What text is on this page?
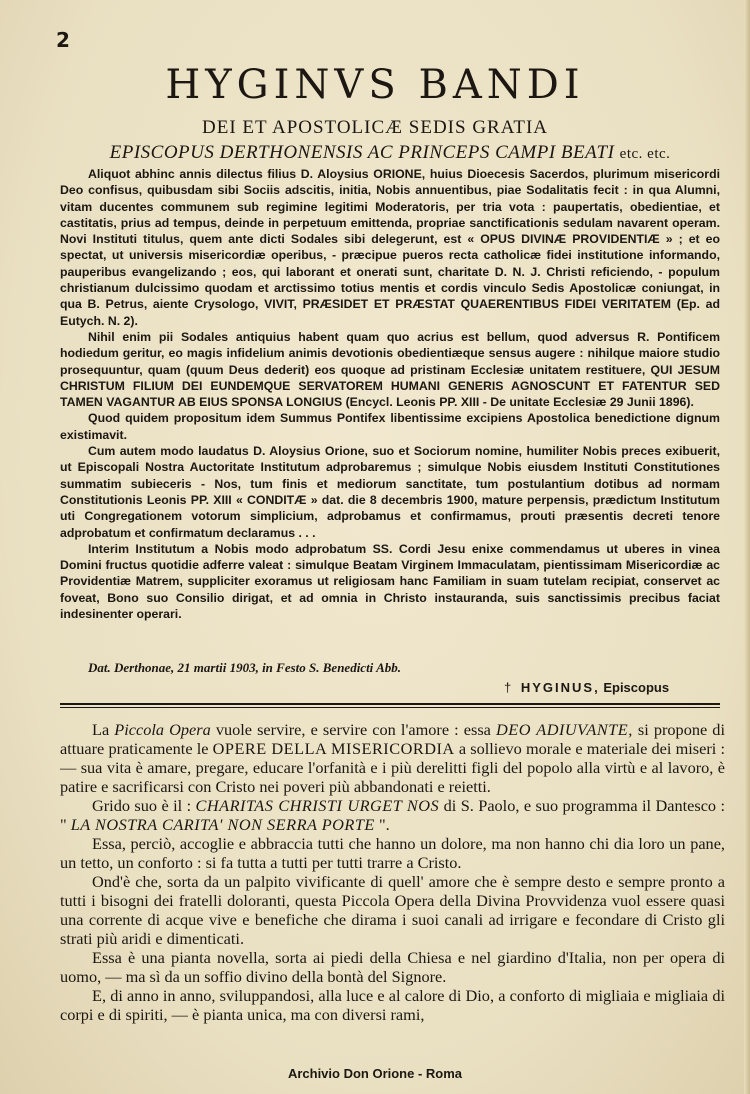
2
HYGINVS BANDI
DEI ET APOSTOLICÆ SEDIS GRATIA
EPISCOPUS DERTHONENSIS AC PRINCEPS CAMPI BEATI etc. etc.

Aliquot abhinc annis dilectus filius D. Aloysius ORIONE, huius Dioecesis Sacerdos, plurimum misericordi Deo confisus, quibusdam sibi Sociis adscitis, initia, Nobis annuentibus, piae Sodalitatis fecit : in qua Alumni, vitam ducentes communem sub regimine legitimi Moderatoris, per tria vota : paupertatis, obedientiae, et castitatis, prius ad tempus, deinde in perpetuum emittenda, propriae sanctificationis sedulam navarent operam. Novi Instituti titulus, quem ante dicti Sodales sibi delegerunt, est « OPUS DIVINÆ PROVIDENTIÆ » ; et eo spectat, ut universis misericordiæ operibus, - præcipue pueros recta catholicæ fidei institutione informando, pauperibus evangelizando ; eos, qui laborant et onerati sunt, charitate D. N. J. Christi reficiendo, - populum christianum dulcissimo quodam et arctissimo totius mentis et cordis vinculo Sedis Apostolicæ coniungat, in qua B. Petrus, aiente Crysologo, VIVIT, PRÆSIDET ET PRÆSTAT QUAERENTIBUS FIDEI VERITATEM (Ep. ad Eutych. N. 2).

Nihil enim pii Sodales antiquius habent quam quo acrius est bellum, quod adversus R. Pontificem hodiedum geritur, eo magis infidelium animis devotionis obedientiæque sensus augere : nihilque maiore studio prosequuntur, quam (quum Deus dederit) eos quoque ad pristinam Ecclesiæ unitatem restituere, QUI JESUM CHRISTUM FILIUM DEI EUNDEMQUE SERVATOREM HUMANI GENERIS AGNOSCUNT ET FATENTUR SED TAMEN VAGANTUR AB EIUS SPONSA LONGIUS (Encycl. Leonis PP. XIII - De unitate Ecclesiæ 29 Junii 1896).

Quod quidem propositum idem Summus Pontifex libentissime excipiens Apostolica benedictione dignum existimavit.

Cum autem modo laudatus D. Aloysius Orione, suo et Sociorum nomine, humiliter Nobis preces exibuerit, ut Episcopali Nostra Auctoritate Institutum adprobaremus ; simulque Nobis eiusdem Instituti Constitutiones summatim subieceris - Nos, tum finis et mediorum sanctitate, tum postulantium dotibus ad normam Constitutionis Leonis PP. XIII « CONDITÆ » dat. die 8 decembris 1900, mature perpensis, prædictum Institutum uti Congregationem votorum simplicium, adprobamus et confirmamus, prouti præsentis decreti tenore adprobatum et confirmatum declaramus . . .

Interim Institutum a Nobis modo adprobatum SS. Cordi Jesu enixe commendamus ut uberes in vinea Domini fructus quotidie adferre valeat : simulque Beatam Virginem Immaculatam, pientissimam Misericordiæ ac Providentiæ Matrem, suppliciter exoramus ut religiosam hanc Familiam in suam tutelam recipiat, conservet ac foveat, Bono suo Consilio dirigat, et ad omnia in Christo instauranda, suis sanctissimis precibus faciat indesinenter operari.

Dat. Derthonae, 21 martii 1903, in Festo S. Benedicti Abb.
† HYGINUS, Episcopus

La Piccola Opera vuole servire, e servire con l'amore : essa DEO ADIUVANTE, si propone di attuare praticamente le OPERE DELLA MISERICORDIA a sollievo morale e materiale dei miseri : — sua vita è amare, pregare, educare l'orfanità e i più derelitti figli del popolo alla virtù e al lavoro, è patire e sacrificarsi con Cristo nei poveri più abbandonati e reietti.

Grido suo è il : CHARITAS CHRISTI URGET NOS di S. Paolo, e suo programma il Dantesco : " LA NOSTRA CARITA' NON SERRA PORTE ".

Essa, perciò, accoglie e abbraccia tutti che hanno un dolore, ma non hanno chi dia loro un pane, un tetto, un conforto : si fa tutta a tutti per tutti trarre a Cristo.

Ond'è che, sorta da un palpito vivificante di quell' amore che è sempre desto e sempre pronto a tutti i bisogni dei fratelli doloranti, questa Piccola Opera della Divina Provvidenza vuol essere quasi una corrente di acque vive e benefiche che dirama i suoi canali ad irrigare e fecondare di Cristo gli strati più aridi e dimenticati.

Essa è una pianta novella, sorta ai piedi della Chiesa e nel giardino d'Italia, non per opera di uomo, — ma sì da un soffio divino della bontà del Signore.

E, di anno in anno, sviluppandosi, alla luce e al calore di Dio, a conforto di migliaia e migliaia di corpi e di spiriti, — è pianta unica, ma con diversi rami,

Archivio Don Orione - Roma
